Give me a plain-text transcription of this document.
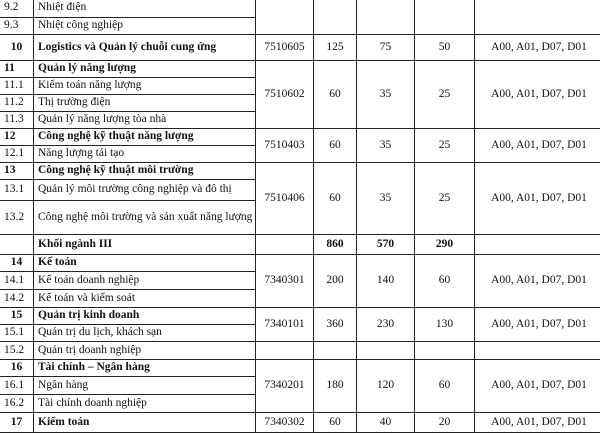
9.2	Nhiệt điện					
9.3	Nhiệt công nghiệp					
10	Logistics và Quản lý chuỗi cung ứng	7510605	125	75	50	A00, A01, D07, D01
11	Quản lý năng lượng	7510602	60	35	25	A00, A01, D07, D01
11.1	Kiểm toán năng lượng					
11.2	Thị trường điện					
11.3	Quản lý năng lượng tòa nhà					
12	Công nghệ kỹ thuật năng lượng	7510403	60	35	25	A00, A01, D07, D01
12.1	Năng lượng tái tạo					
13	Công nghệ kỹ thuật môi trường	7510406	60	35	25	A00, A01, D07, D01
13.1	Quản lý môi trường công nghiệp và đô thị					
13.2	Công nghệ môi trường và sản xuất năng lượng					
	Khối ngành III		860	570	290	
14	Kế toán	7340301	200	140	60	A00, A01, D07, D01
14.1	Kế toán doanh nghiệp					
14.2	Kế toán và kiểm soát					
15	Quản trị kinh doanh	7340101	360	230	130	A00, A01, D07, D01
15.1	Quản trị du lịch, khách sạn					
15.2	Quản trị doanh nghiệp					
16	Tài chính – Ngân hàng	7340201	180	120	60	A00, A01, D07, D01
16.1	Ngân hàng					
16.2	Tài chính doanh nghiệp					
17	Kiểm toán	7340302	60	40	20	A00, A01, D07, D01
